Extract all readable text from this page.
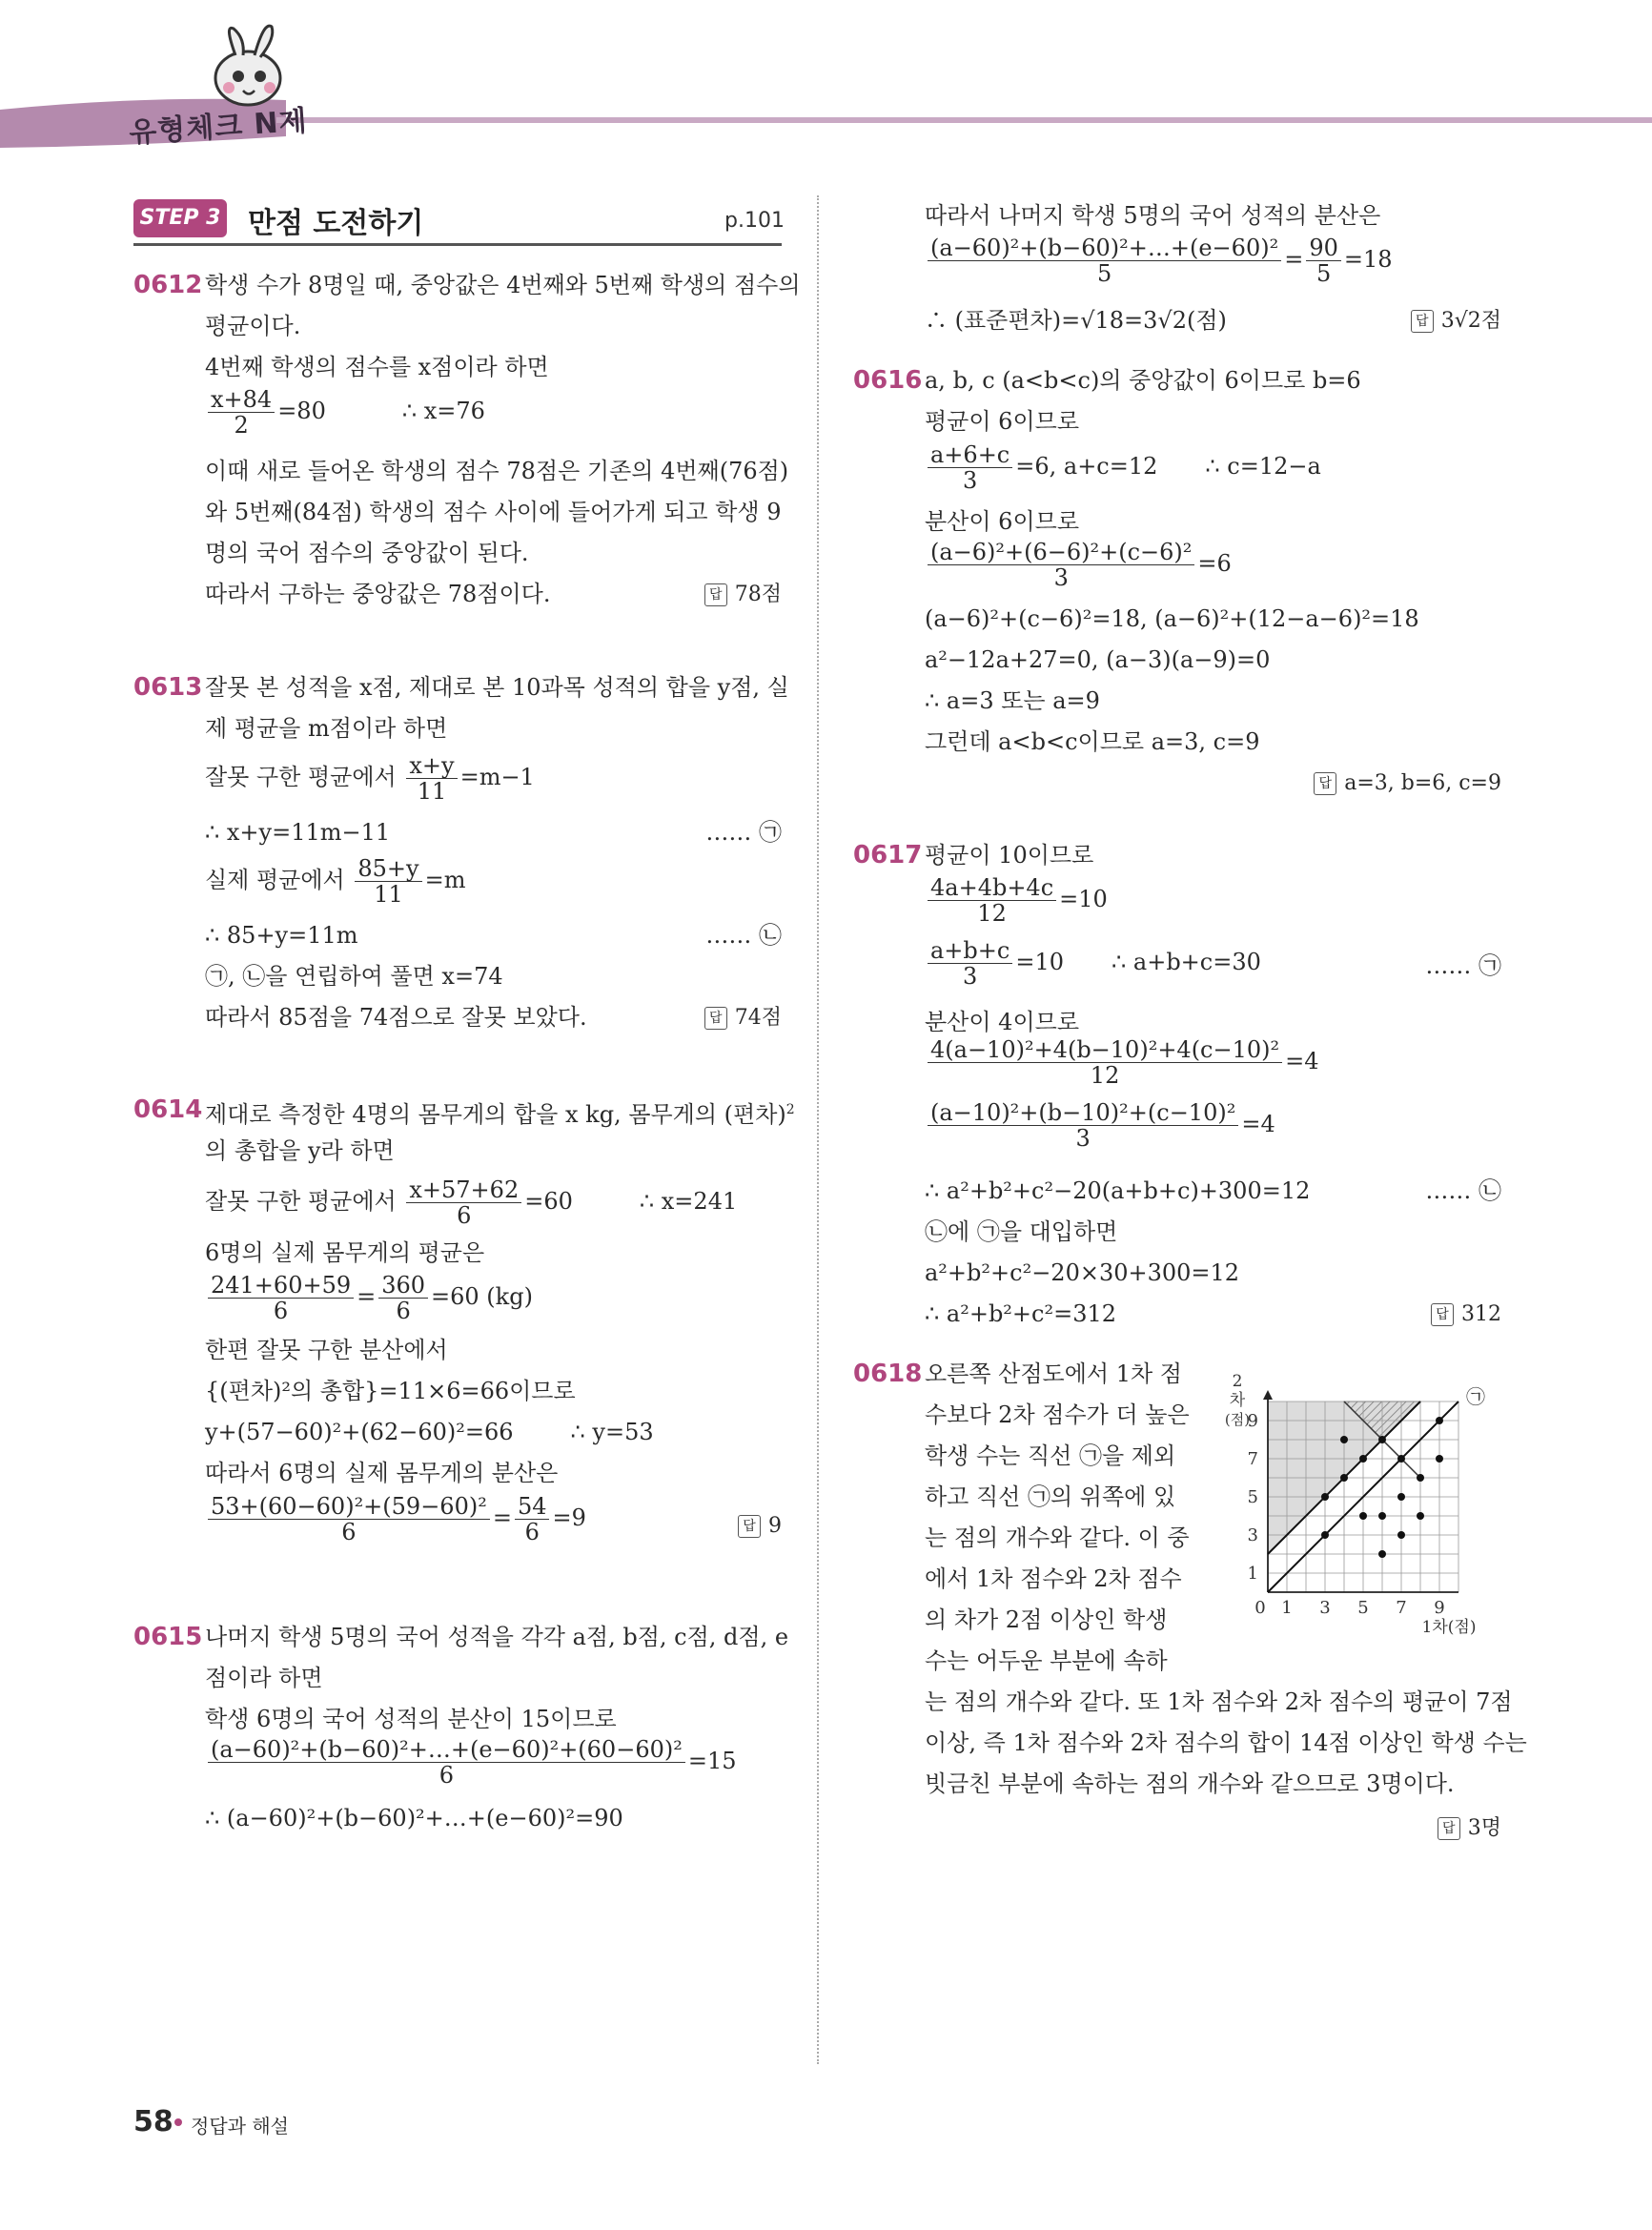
유형체크 N제
STEP 3 만점 도전하기	p.101
0612 학생 수가 8명일 때, 중앙값은 4번째와 5번째 학생의 점수의
평균이다.
4번째 학생의 점수를 x점이라 하면
$\frac{x+84}{2} =80$	∴ x=76
이때 새로 들어온 학생의 점수 78점은 기존의 4번째(76점)
와 5번째(84점) 학생의 점수 사이에 들어가게 되고 학생 9
명의 국어 점수의 중앙값이 된다.
따라서 구하는 중앙값은 78점이다.	답 78점
0613 잘못 본 성적을 x점, 제대로 본 10과목 성적의 합을 y점, 실
제 평균을 m점이라 하면
잘못 구한 평균에서 $\frac{x+y}{11} =m-1$
∴ x+y=11m−11	…… ㉠
실제 평균에서 $\frac{85+y}{11} =m$
∴ 85+y=11m	…… ㉡
㉠, ㉡을 연립하여 풀면 x=74
따라서 85점을 74점으로 잘못 보았다.	답 74점
0614 제대로 측정한 4명의 몸무게의 합을 x kg, 몸무게의 (편차)$^2$
의 총합을 y라 하면
잘못 구한 평균에서 $\frac{x+57+62}{6} =60$	∴ x=241
6명의 실제 몸무게의 평균은
$\frac{241+60+59}{6} = \frac{360}{6} =60$ (kg)
한편 잘못 구한 분산에서
{(편차)²의 총합}=11×6=66이므로
y+(57−60)²+(62−60)²=66	∴ y=53
따라서 6명의 실제 몸무게의 분산은
$\frac{\text{53+(60−60)²+(59−60)²}}{6} = \frac{54}{6} =9$	답 9
0615 나머지 학생 5명의 국어 성적을 각각 a점, b점, c점, d점, e
점이라 하면
학생 6명의 국어 성적의 분산이 15이므로
$\frac{\text{(a−60)²+(b−60)²+…+(e−60)²+(60−60)²}}{6} =15$
∴ (a−60)²+(b−60)²+…+(e−60)²=90
따라서 나머지 학생 5명의 국어 성적의 분산은
$\frac{\text{(a−60)²+(b−60)²+…+(e−60)²}}{5} = \frac{90}{5} =18$
∴ (표준편차)=√18=3√2(점)	답 3√2점
0616 a, b, c (a<b<c)의 중앙값이 6이므로 b=6
평균이 6이므로
$\frac{a+6+c}{3} =6$, a+c=12 ∴ c=12−a
분산이 6이므로
$\frac{\text{(a−6)²+(6−6)²+(c−6)²}}{3} =6$
(a−6)²+(c−6)²=18, (a−6)²+(12−a−6)²=18
a²−12a+27=0, (a−3)(a−9)=0
∴ a=3 또는 a=9
그런데 a<b<c이므로 a=3, c=9
답 a=3, b=6, c=9
0617 평균이 10이므로
$\frac{4a+4b+4c}{12} =10$
$\frac{a+b+c}{3} =10$ ∴ a+b+c=30	…… ㉠
분산이 4이므로
$\frac{\text{4(a−10)²+4(b−10)²+4(c−10)²}}{12} =4$
$\frac{\text{(a−10)²+(b−10)²+(c−10)²}}{3} =4$
∴ a²+b²+c²−20(a+b+c)+300=12	…… ㉡
㉡에 ㉠을 대입하면
a²+b²+c²−20×30+300=12
∴ a²+b²+c²=312	답 312
0618 오른쪽 산점도에서 1차 점
수보다 2차 점수가 더 높은
학생 수는 직선 ㉠을 제외
하고 직선 ㉠의 위쪽에 있
는 점의 개수와 같다. 이 중
에서 1차 점수와 2차 점수
의 차가 2점 이상인 학생
수는 어두운 부분에 속하
는 점의 개수와 같다. 또 1차 점수와 2차 점수의 평균이 7점
이상, 즉 1차 점수와 2차 점수의 합이 14점 이상인 학생 수는
빗금친 부분에 속하는 점의 개수와 같으므로 3명이다.
답 3명
0 1 3 5 7 9
1
3
5
7
9
1차(점)
2
차
(점)
㉠
58 정답과 해설
